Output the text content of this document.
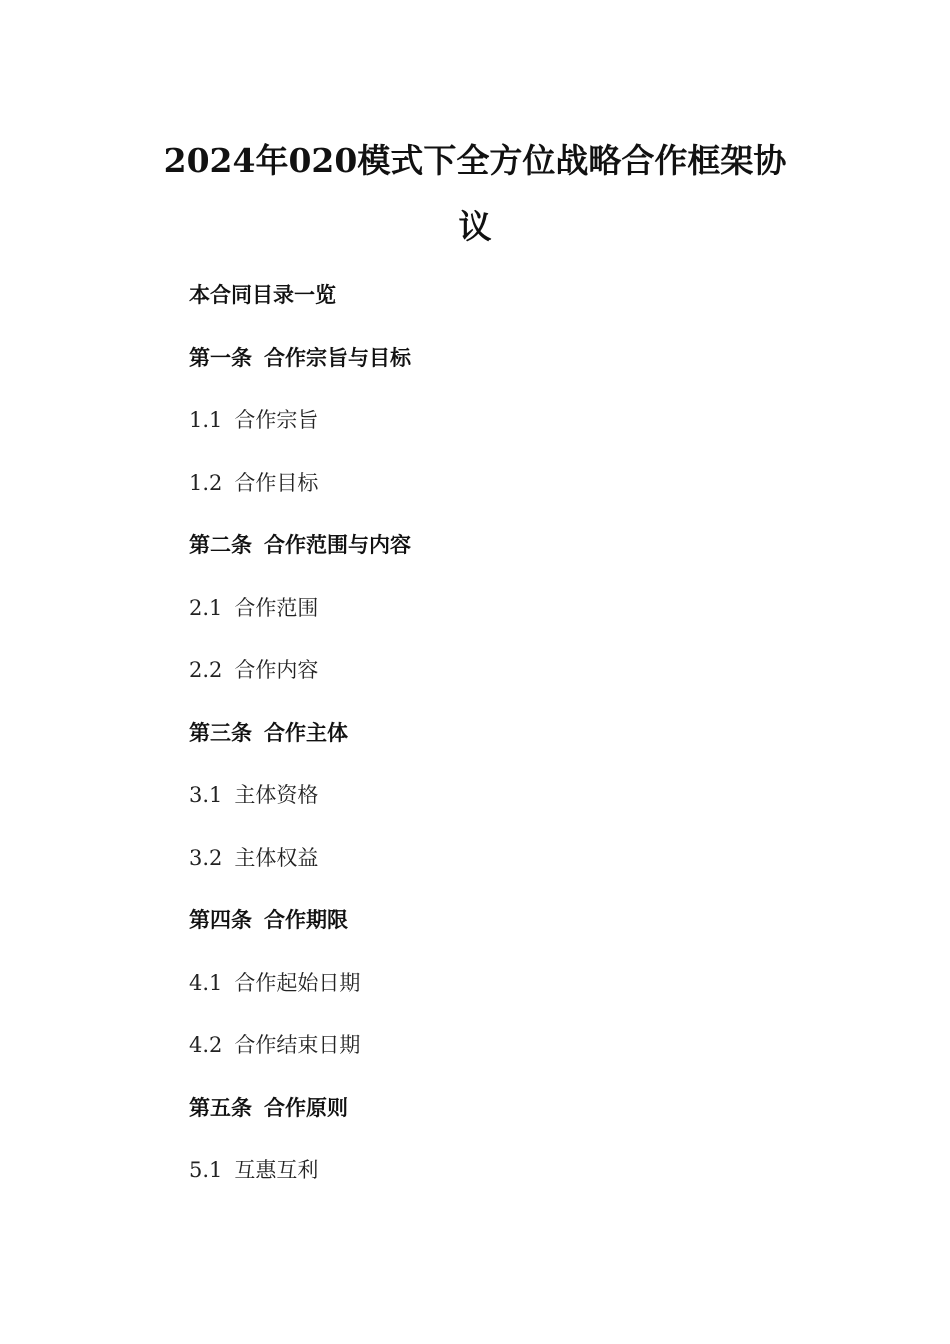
2024年020模式下全方位战略合作框架协议
本合同目录一览
第一条 合作宗旨与目标
1.1 合作宗旨
1.2 合作目标
第二条 合作范围与内容
2.1 合作范围
2.2 合作内容
第三条 合作主体
3.1 主体资格
3.2 主体权益
第四条 合作期限
4.1 合作起始日期
4.2 合作结束日期
第五条 合作原则
5.1 互惠互利
